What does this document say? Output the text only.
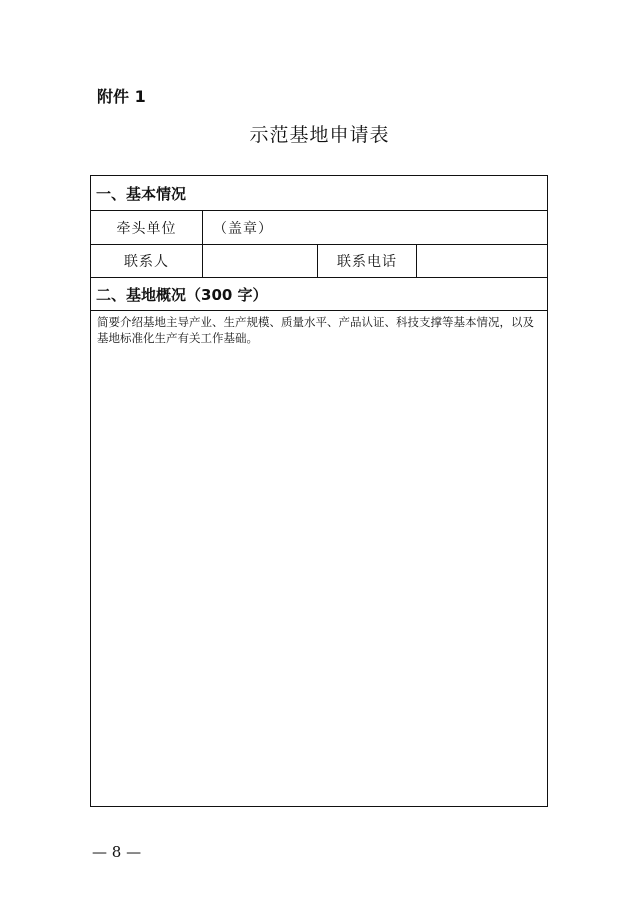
附件 1
示范基地申请表
一、基本情况
牵头单位	（盖章）
联系人	联系电话
二、基地概况（300 字）
简要介绍基地主导产业、生产规模、质量水平、产品认证、科技支撑等基本情况，以及基地标准化生产有关工作基础。
— 8 —
